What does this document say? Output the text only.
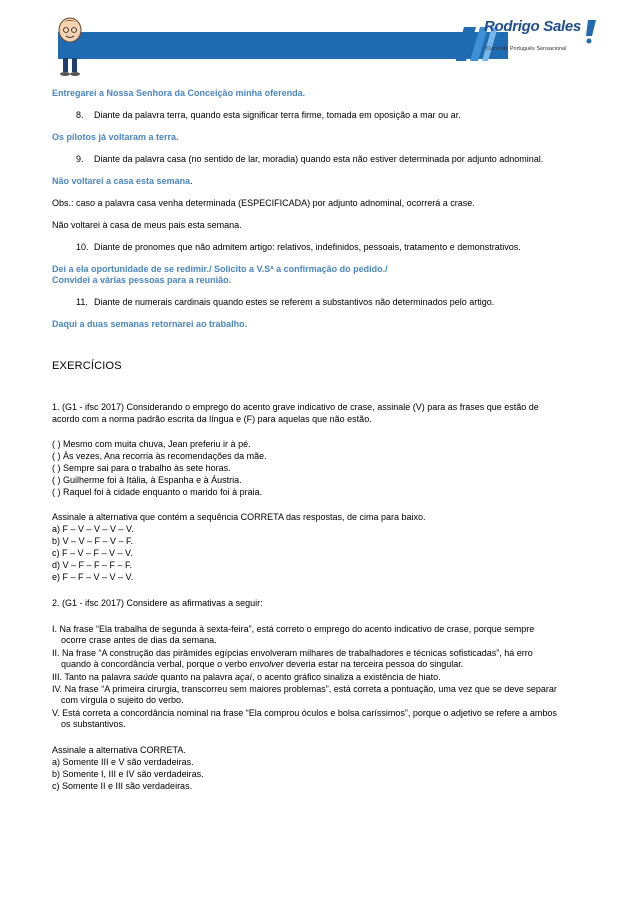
Rodrigo Sales
Curso de Português Sensacional
Entregarei a Nossa Senhora da Conceição minha oferenda.
8. Diante da palavra terra, quando esta significar terra firme, tomada em oposição a mar ou ar.
Os pilotos já voltaram a terra.
9. Diante da palavra casa (no sentido de lar, moradia) quando esta não estiver determinada por adjunto adnominal.
Não voltarei a casa esta semana.
Obs.: caso a palavra casa venha determinada (ESPECIFICADA) por adjunto adnominal, ocorrerá a crase.
Não voltarei à casa de meus pais esta semana.
10. Diante de pronomes que não admitem artigo: relativos, indefinidos, pessoais, tratamento e demonstrativos.
Dei a ela oportunidade de se redimir./ Solicito a V.Sª a confirmação do pedido./
Convidei a várias pessoas para a reunião.
11. Diante de numerais cardinais quando estes se referem a substantivos não determinados pelo artigo.
Daqui a duas semanas retornarei ao trabalho.
EXERCÍCIOS
1. (G1 - ifsc 2017) Considerando o emprego do acento grave indicativo de crase, assinale (V) para as frases que estão de
acordo com a norma padrão escrita da língua e (F) para aquelas que não estão.
( ) Mesmo com muita chuva, Jean preferiu ir à pé.
( ) Às vezes, Ana recorria às recomendações da mãe.
( ) Sempre sai para o trabalho às sete horas.
( ) Guilherme foi à Itália, à Espanha e à Áustria.
( ) Raquel foi à cidade enquanto o marido foi à praia.
Assinale a alternativa que contém a sequência CORRETA das respostas, de cima para baixo.
a) F – V – V – V – V.
b) V – V – F – V – F.
c) F – V – F – V – V.
d) V – F – F – F – F.
e) F – F – V – V – V.
2. (G1 - ifsc 2017) Considere as afirmativas a seguir:
I. Na frase “Ela trabalha de segunda à sexta-feira”, está correto o emprego do acento indicativo de crase, porque sempre ocorre crase antes de dias da semana.
II. Na frase “A construção das pirâmides egípcias envolveram milhares de trabalhadores e técnicas sofisticadas”, há erro quando à concordância verbal, porque o verbo envolver deveria estar na terceira pessoa do singular.
III. Tanto na palavra saúde quanto na palavra açaí, o acento gráfico sinaliza a existência de hiato.
IV. Na frase “A primeira cirurgia, transcorreu sem maiores problemas”, está correta a pontuação, uma vez que se deve separar com vírgula o sujeito do verbo.
V. Está correta a concordância nominal na frase “Ela comprou óculos e bolsa caríssimos”, porque o adjetivo se refere a ambos os substantivos.
Assinale a alternativa CORRETA.
a) Somente III e V são verdadeiras.
b) Somente I, III e IV são verdadeiras.
c) Somente II e III são verdadeiras.
